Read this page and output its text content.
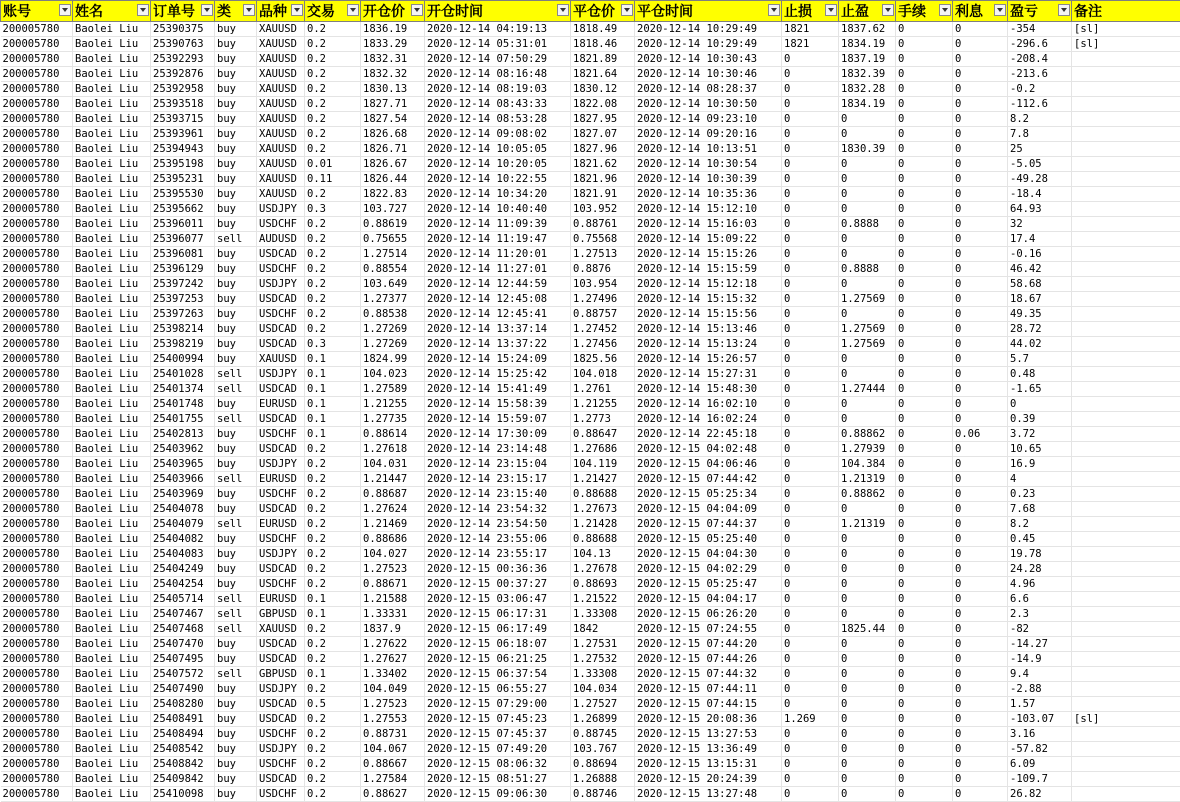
账号	姓名	订单号	类	品种	交易	开仓价	开仓时间	平仓价	平仓时间	止损	止盈	手续	利息	盈亏	备注
200005780	Baolei Liu	25390375	buy	XAUUSD	0.2	1836.19	2020-12-14 04:19:13	1818.49	2020-12-14 10:29:49	1821	1837.62	0	0	-354	[sl]
200005780	Baolei Liu	25390763	buy	XAUUSD	0.2	1833.29	2020-12-14 05:31:01	1818.46	2020-12-14 10:29:49	1821	1834.19	0	0	-296.6	[sl]
200005780	Baolei Liu	25392293	buy	XAUUSD	0.2	1832.31	2020-12-14 07:50:29	1821.89	2020-12-14 10:30:43	0	1837.19	0	0	-208.4	
200005780	Baolei Liu	25392876	buy	XAUUSD	0.2	1832.32	2020-12-14 08:16:48	1821.64	2020-12-14 10:30:46	0	1832.39	0	0	-213.6	
200005780	Baolei Liu	25392958	buy	XAUUSD	0.2	1830.13	2020-12-14 08:19:03	1830.12	2020-12-14 08:28:37	0	1832.28	0	0	-0.2	
200005780	Baolei Liu	25393518	buy	XAUUSD	0.2	1827.71	2020-12-14 08:43:33	1822.08	2020-12-14 10:30:50	0	1834.19	0	0	-112.6	
200005780	Baolei Liu	25393715	buy	XAUUSD	0.2	1827.54	2020-12-14 08:53:28	1827.95	2020-12-14 09:23:10	0	0	0	0	8.2	
200005780	Baolei Liu	25393961	buy	XAUUSD	0.2	1826.68	2020-12-14 09:08:02	1827.07	2020-12-14 09:20:16	0	0	0	0	7.8	
200005780	Baolei Liu	25394943	buy	XAUUSD	0.2	1826.71	2020-12-14 10:05:05	1827.96	2020-12-14 10:13:51	0	1830.39	0	0	25	
200005780	Baolei Liu	25395198	buy	XAUUSD	0.01	1826.67	2020-12-14 10:20:05	1821.62	2020-12-14 10:30:54	0	0	0	0	-5.05	
200005780	Baolei Liu	25395231	buy	XAUUSD	0.11	1826.44	2020-12-14 10:22:55	1821.96	2020-12-14 10:30:39	0	0	0	0	-49.28	
200005780	Baolei Liu	25395530	buy	XAUUSD	0.2	1822.83	2020-12-14 10:34:20	1821.91	2020-12-14 10:35:36	0	0	0	0	-18.4	
200005780	Baolei Liu	25395662	buy	USDJPY	0.3	103.727	2020-12-14 10:40:40	103.952	2020-12-14 15:12:10	0	0	0	0	64.93	
200005780	Baolei Liu	25396011	buy	USDCHF	0.2	0.88619	2020-12-14 11:09:39	0.88761	2020-12-14 15:16:03	0	0.8888	0	0	32	
200005780	Baolei Liu	25396077	sell	AUDUSD	0.2	0.75655	2020-12-14 11:19:47	0.75568	2020-12-14 15:09:22	0	0	0	0	17.4	
200005780	Baolei Liu	25396081	buy	USDCAD	0.2	1.27514	2020-12-14 11:20:01	1.27513	2020-12-14 15:15:26	0	0	0	0	-0.16	
200005780	Baolei Liu	25396129	buy	USDCHF	0.2	0.88554	2020-12-14 11:27:01	0.8876	2020-12-14 15:15:59	0	0.8888	0	0	46.42	
200005780	Baolei Liu	25397242	buy	USDJPY	0.2	103.649	2020-12-14 12:44:59	103.954	2020-12-14 15:12:18	0	0	0	0	58.68	
200005780	Baolei Liu	25397253	buy	USDCAD	0.2	1.27377	2020-12-14 12:45:08	1.27496	2020-12-14 15:15:32	0	1.27569	0	0	18.67	
200005780	Baolei Liu	25397263	buy	USDCHF	0.2	0.88538	2020-12-14 12:45:41	0.88757	2020-12-14 15:15:56	0	0	0	0	49.35	
200005780	Baolei Liu	25398214	buy	USDCAD	0.2	1.27269	2020-12-14 13:37:14	1.27452	2020-12-14 15:13:46	0	1.27569	0	0	28.72	
200005780	Baolei Liu	25398219	buy	USDCAD	0.3	1.27269	2020-12-14 13:37:22	1.27456	2020-12-14 15:13:24	0	1.27569	0	0	44.02	
200005780	Baolei Liu	25400994	buy	XAUUSD	0.1	1824.99	2020-12-14 15:24:09	1825.56	2020-12-14 15:26:57	0	0	0	0	5.7	
200005780	Baolei Liu	25401028	sell	USDJPY	0.1	104.023	2020-12-14 15:25:42	104.018	2020-12-14 15:27:31	0	0	0	0	0.48	
200005780	Baolei Liu	25401374	sell	USDCAD	0.1	1.27589	2020-12-14 15:41:49	1.2761	2020-12-14 15:48:30	0	1.27444	0	0	-1.65	
200005780	Baolei Liu	25401748	buy	EURUSD	0.1	1.21255	2020-12-14 15:58:39	1.21255	2020-12-14 16:02:10	0	0	0	0	0	
200005780	Baolei Liu	25401755	sell	USDCAD	0.1	1.27735	2020-12-14 15:59:07	1.2773	2020-12-14 16:02:24	0	0	0	0	0.39	
200005780	Baolei Liu	25402813	buy	USDCHF	0.1	0.88614	2020-12-14 17:30:09	0.88647	2020-12-14 22:45:18	0	0.88862	0	0.06	3.72	
200005780	Baolei Liu	25403962	buy	USDCAD	0.2	1.27618	2020-12-14 23:14:48	1.27686	2020-12-15 04:02:48	0	1.27939	0	0	10.65	
200005780	Baolei Liu	25403965	buy	USDJPY	0.2	104.031	2020-12-14 23:15:04	104.119	2020-12-15 04:06:46	0	104.384	0	0	16.9	
200005780	Baolei Liu	25403966	sell	EURUSD	0.2	1.21447	2020-12-14 23:15:17	1.21427	2020-12-15 07:44:42	0	1.21319	0	0	4	
200005780	Baolei Liu	25403969	buy	USDCHF	0.2	0.88687	2020-12-14 23:15:40	0.88688	2020-12-15 05:25:34	0	0.88862	0	0	0.23	
200005780	Baolei Liu	25404078	buy	USDCAD	0.2	1.27624	2020-12-14 23:54:32	1.27673	2020-12-15 04:04:09	0	0	0	0	7.68	
200005780	Baolei Liu	25404079	sell	EURUSD	0.2	1.21469	2020-12-14 23:54:50	1.21428	2020-12-15 07:44:37	0	1.21319	0	0	8.2	
200005780	Baolei Liu	25404082	buy	USDCHF	0.2	0.88686	2020-12-14 23:55:06	0.88688	2020-12-15 05:25:40	0	0	0	0	0.45	
200005780	Baolei Liu	25404083	buy	USDJPY	0.2	104.027	2020-12-14 23:55:17	104.13	2020-12-15 04:04:30	0	0	0	0	19.78	
200005780	Baolei Liu	25404249	buy	USDCAD	0.2	1.27523	2020-12-15 00:36:36	1.27678	2020-12-15 04:02:29	0	0	0	0	24.28	
200005780	Baolei Liu	25404254	buy	USDCHF	0.2	0.88671	2020-12-15 00:37:27	0.88693	2020-12-15 05:25:47	0	0	0	0	4.96	
200005780	Baolei Liu	25405714	sell	EURUSD	0.1	1.21588	2020-12-15 03:06:47	1.21522	2020-12-15 04:04:17	0	0	0	0	6.6	
200005780	Baolei Liu	25407467	sell	GBPUSD	0.1	1.33331	2020-12-15 06:17:31	1.33308	2020-12-15 06:26:20	0	0	0	0	2.3	
200005780	Baolei Liu	25407468	sell	XAUUSD	0.2	1837.9	2020-12-15 06:17:49	1842	2020-12-15 07:24:55	0	1825.44	0	0	-82	
200005780	Baolei Liu	25407470	buy	USDCAD	0.2	1.27622	2020-12-15 06:18:07	1.27531	2020-12-15 07:44:20	0	0	0	0	-14.27	
200005780	Baolei Liu	25407495	buy	USDCAD	0.2	1.27627	2020-12-15 06:21:25	1.27532	2020-12-15 07:44:26	0	0	0	0	-14.9	
200005780	Baolei Liu	25407572	sell	GBPUSD	0.1	1.33402	2020-12-15 06:37:54	1.33308	2020-12-15 07:44:32	0	0	0	0	9.4	
200005780	Baolei Liu	25407490	buy	USDJPY	0.2	104.049	2020-12-15 06:55:27	104.034	2020-12-15 07:44:11	0	0	0	0	-2.88	
200005780	Baolei Liu	25408280	buy	USDCAD	0.5	1.27523	2020-12-15 07:29:00	1.27527	2020-12-15 07:44:15	0	0	0	0	1.57	
200005780	Baolei Liu	25408491	buy	USDCAD	0.2	1.27553	2020-12-15 07:45:23	1.26899	2020-12-15 20:08:36	1.269	0	0	0	-103.07	[sl]
200005780	Baolei Liu	25408494	buy	USDCHF	0.2	0.88731	2020-12-15 07:45:37	0.88745	2020-12-15 13:27:53	0	0	0	0	3.16	
200005780	Baolei Liu	25408542	buy	USDJPY	0.2	104.067	2020-12-15 07:49:20	103.767	2020-12-15 13:36:49	0	0	0	0	-57.82	
200005780	Baolei Liu	25408842	buy	USDCHF	0.2	0.88667	2020-12-15 08:06:32	0.88694	2020-12-15 13:15:31	0	0	0	0	6.09	
200005780	Baolei Liu	25409842	buy	USDCAD	0.2	1.27584	2020-12-15 08:51:27	1.26888	2020-12-15 20:24:39	0	0	0	0	-109.7	
200005780	Baolei Liu	25410098	buy	USDCHF	0.2	0.88627	2020-12-15 09:06:30	0.88746	2020-12-15 13:27:48	0	0	0	0	26.82	
